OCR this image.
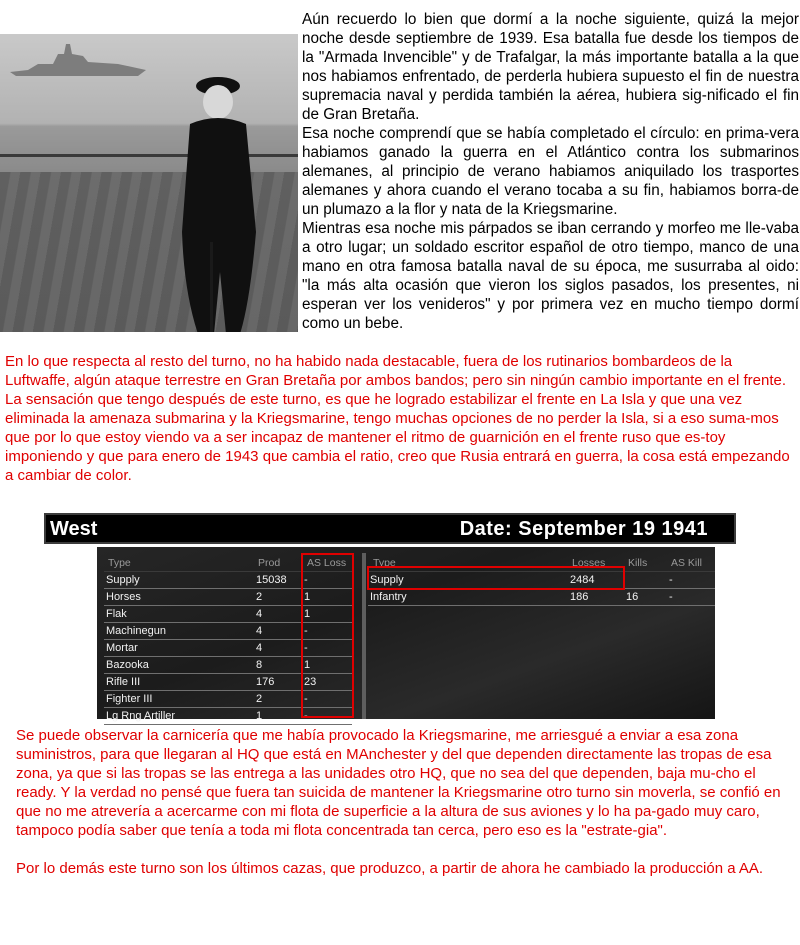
Aún recuerdo lo bien que dormí a la noche siguiente, quizá la mejor noche desde septiembre de 1939. Esa batalla fue desde los tiempos de la "Armada Invencible" y de Trafalgar, la más importante batalla a la que nos habiamos enfrentado, de perderla hubiera supuesto el fin de nuestra supremacia naval y perdida también la aérea, hubiera sig-nificado el fin de Gran Bretaña.

Esa noche comprendí que se había completado el círculo: en prima-vera habiamos ganado la guerra en el Atlántico contra los submarinos alemanes, al principio de verano habiamos aniquilado los trasportes alemanes y ahora cuando el verano tocaba a su fin, habiamos borra-de un plumazo a la flor y nata de la Kriegsmarine.

Mientras esa noche mis párpados se iban cerrando y morfeo me lle-vaba a otro lugar; un soldado escritor español de otro tiempo, manco de una mano en otra famosa batalla naval de su época, me susurraba al oido: "la más alta ocasión que vieron los siglos pasados, los presentes, ni esperan ver los venideros" y por primera vez en mucho tiempo dormí como un bebe.

En lo que respecta al resto del turno, no ha habido nada destacable, fuera de los rutinarios bombardeos de la Luftwaffe, algún ataque terrestre en Gran Bretaña por ambos bandos; pero sin ningún cambio importante en el frente.

La sensación que tengo después de este turno, es que he logrado estabilizar el frente en La Isla y que una vez eliminada la amenaza submarina y la Kriegsmarine, tengo muchas opciones de no perder la Isla, si a eso suma-mos que por lo que estoy viendo va a ser incapaz de mantener el ritmo de guarnición en el frente ruso que es-toy imponiendo y que para enero de 1943 que cambia el ratio, creo que Rusia entrará en guerra, la cosa está empezando a cambiar de color.

West	Date: September 19 1941
Type	Prod	AS Loss	Type	Losses Kills AS Kill
Supply	15038	-
Horses	2	1
Flak	4	1
Machinegun	4	-
Mortar	4	-
Bazooka	8	1
Rifle III	176	23
Fighter III	2	-
Lg Rng Artiller	1	-
Supply	2484		-
Infantry	186	16	-

Se puede observar la carnicería que me había provocado la Kriegsmarine, me arriesgué a enviar a esa zona suministros, para que llegaran al HQ que está en MAnchester y del que dependen directamente las tropas de esa zona, ya que si las tropas se las entrega a las unidades otro HQ, que no sea del que dependen, baja mu-cho el ready. Y la verdad no pensé que fuera tan suicida de mantener la Kriegsmarine otro turno sin moverla, se confió en que no me atrevería a acercarme con mi flota de superficie a la altura de sus aviones y lo ha pa-gado muy caro, tampoco podía saber que tenía a toda mi flota concentrada tan cerca, pero eso es la "estrate-gia".

Por lo demás este turno son los últimos cazas, que produzco, a partir de ahora he cambiado la producción a AA.
